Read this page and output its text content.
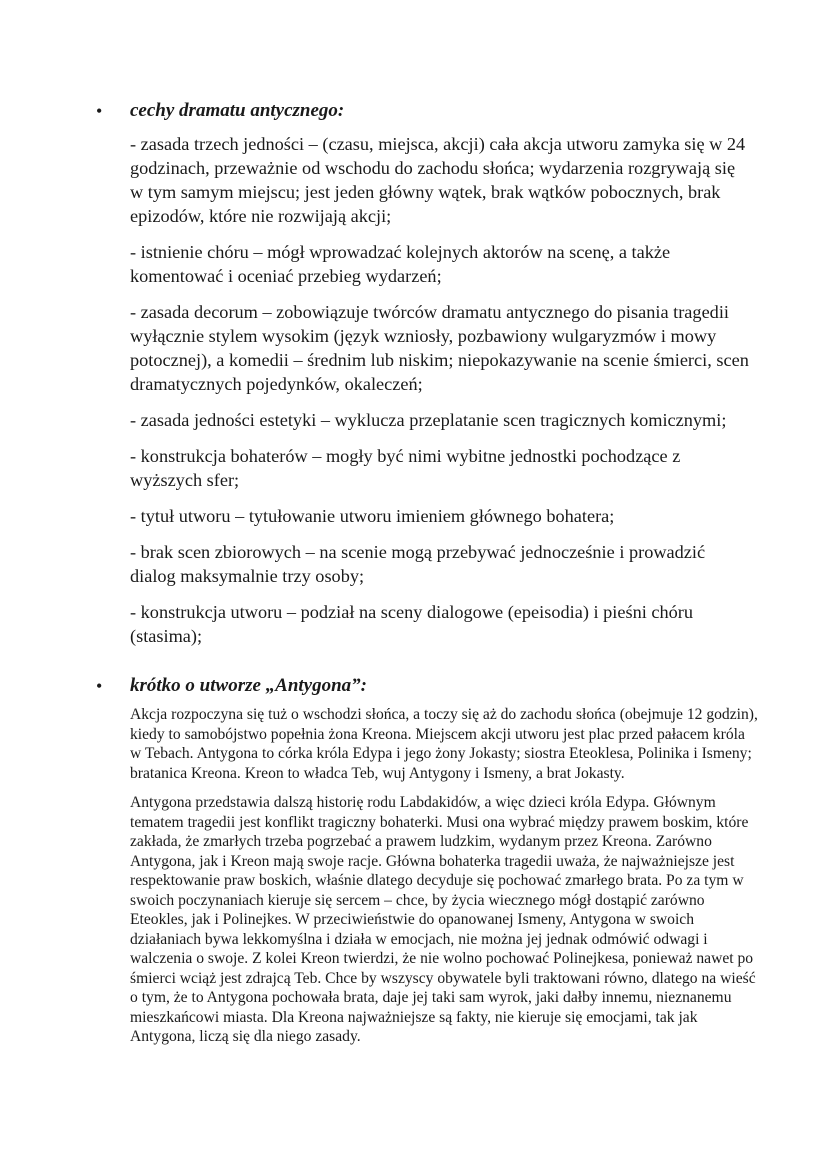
• cechy dramatu antycznego:
- zasada trzech jedności – (czasu, miejsca, akcji) cała akcja utworu zamyka się w 24 godzinach, przeważnie od wschodu do zachodu słońca; wydarzenia rozgrywają się w tym samym miejscu; jest jeden główny wątek, brak wątków pobocznych, brak epizodów, które nie rozwijają akcji;
- istnienie chóru – mógł wprowadzać kolejnych aktorów na scenę, a także komentować i oceniać przebieg wydarzeń;
- zasada decorum – zobowiązuje twórców dramatu antycznego do pisania tragedii wyłącznie stylem wysokim (język wzniosły, pozbawiony wulgaryzmów i mowy potocznej), a komedii – średnim lub niskim; niepokazywanie na scenie śmierci, scen dramatycznych pojedynków, okaleczeń;
- zasada jedności estetyki – wyklucza przeplatanie scen tragicznych komicznymi;
- konstrukcja bohaterów – mogły być nimi wybitne jednostki pochodzące z wyższych sfer;
- tytuł utworu – tytułowanie utworu imieniem głównego bohatera;
- brak scen zbiorowych – na scenie mogą przebywać jednocześnie i prowadzić dialog maksymalnie trzy osoby;
- konstrukcja utworu – podział na sceny dialogowe (epeisodia) i pieśni chóru (stasima);
• krótko o utworze „Antygona”:
Akcja rozpoczyna się tuż o wschodzi słońca, a toczy się aż do zachodu słońca (obejmuje 12 godzin), kiedy to samobójstwo popełnia żona Kreona. Miejscem akcji utworu jest plac przed pałacem króla w Tebach. Antygona to córka króla Edypa i jego żony Jokasty; siostra Eteoklesa, Polinika i Ismeny; bratanica Kreona. Kreon to władca Teb, wuj Antygony i Ismeny, a brat Jokasty.
Antygona przedstawia dalszą historię rodu Labdakidów, a więc dzieci króla Edypa. Głównym tematem tragedii jest konflikt tragiczny bohaterki. Musi ona wybrać między prawem boskim, które zakłada, że zmarłych trzeba pogrzebać a prawem ludzkim, wydanym przez Kreona. Zarówno Antygona, jak i Kreon mają swoje racje. Główna bohaterka tragedii uważa, że najważniejsze jest respektowanie praw boskich, właśnie dlatego decyduje się pochować zmarłego brata. Po za tym w swoich poczynaniach kieruje się sercem – chce, by życia wiecznego mógł dostąpić zarówno Eteokles, jak i Polinejkes. W przeciwieństwie do opanowanej Ismeny, Antygona w swoich działaniach bywa lekkomyślna i działa w emocjach, nie można jej jednak odmówić odwagi i walczenia o swoje. Z kolei Kreon twierdzi, że nie wolno pochować Polinejkesa, ponieważ nawet po śmierci wciąż jest zdrajcą Teb. Chce by wszyscy obywatele byli traktowani równo, dlatego na wieść o tym, że to Antygona pochowała brata, daje jej taki sam wyrok, jaki dałby innemu, nieznanemu mieszkańcowi miasta. Dla Kreona najważniejsze są fakty, nie kieruje się emocjami, tak jak Antygona, liczą się dla niego zasady.
